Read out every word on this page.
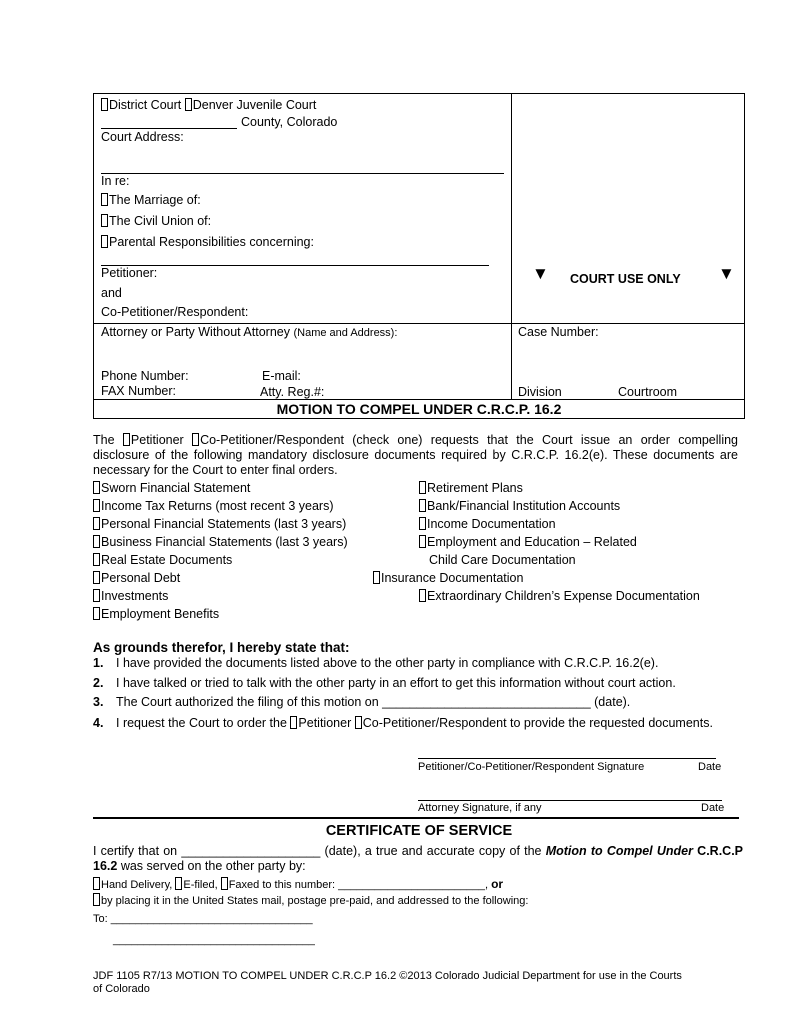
District Court Denver Juvenile Court
County, Colorado
Court Address:
In re:
The Marriage of:
The Civil Union of:
Parental Responsibilities concerning:
Petitioner:
and
Co-Petitioner/Respondent:
▼ COURT USE ONLY ▼
Attorney or Party Without Attorney (Name and Address):	Case Number:
Phone Number:	E-mail:
FAX Number:	Atty. Reg.#:	Division	Courtroom
MOTION TO COMPEL UNDER C.R.C.P. 16.2

The Petitioner Co-Petitioner/Respondent (check one) requests that the Court issue an order compelling disclosure of the following mandatory disclosure documents required by C.R.C.P. 16.2(e). These documents are necessary for the Court to enter final orders.

Sworn Financial Statement
Income Tax Returns (most recent 3 years)
Personal Financial Statements (last 3 years)
Business Financial Statements (last 3 years)
Real Estate Documents
Personal Debt
Investments
Employment Benefits
Retirement Plans
Bank/Financial Institution Accounts
Income Documentation
Employment and Education – Related
Child Care Documentation
Insurance Documentation
Extraordinary Children’s Expense Documentation
As grounds therefor, I hereby state that:
1. I have provided the documents listed above to the other party in compliance with C.R.C.P. 16.2(e).
2. I have talked or tried to talk with the other party in an effort to get this information without court action.
3. The Court authorized the filing of this motion on ______________________________ (date).
4. I request the Court to order the Petitioner Co-Petitioner/Respondent to provide the requested documents.
Petitioner/Co-Petitioner/Respondent Signature	Date
Attorney Signature, if any	Date
CERTIFICATE OF SERVICE

I certify that on ____________________ (date), a true and accurate copy of the Motion to Compel Under C.R.C.P 16.2 was served on the other party by:

Hand Delivery, E-filed, Faxed to this number: ________________________, or
by placing it in the United States mail, postage pre-paid, and addressed to the following:
To: _________________________________
_________________________________
JDF 1105 R7/13 MOTION TO COMPEL UNDER C.R.C.P 16.2 ©2013 Colorado Judicial Department for use in the Courts
of Colorado
